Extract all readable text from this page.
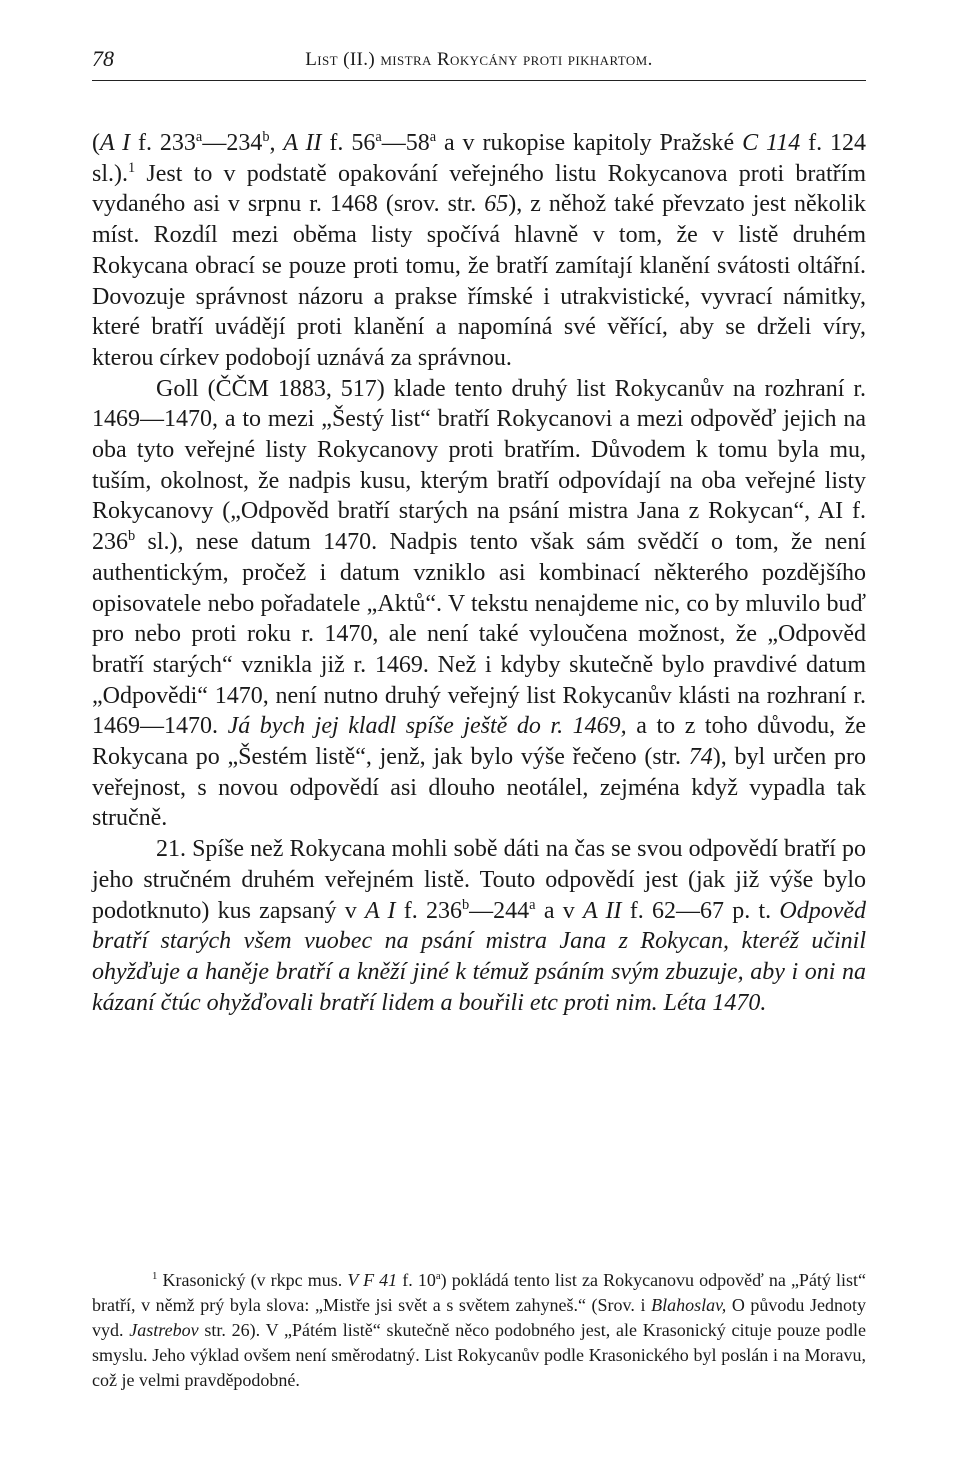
78	List (II.) mistra Rokycány proti pikhartom.

(A I f. 233$^a$—234$^b$, A II f. 56$^a$—58$^a$ a v rukopise kapitoly Pražské C 114 f. 124 sl.).$^1$ Jest to v podstatě opakování veřejného listu Rokycanova proti bratřím vydaného asi v srpnu r. 1468 (srov. str. 65), z něhož také převzato jest několik míst. Rozdíl mezi oběma listy spočívá hlavně v tom, že v listě druhém Rokycana obrací se pouze proti tomu, že bratří zamítají klanění svátosti oltářní. Dovozuje správnost názoru a prakse římské i utrakvistické, vyvrací námitky, které bratří uvádějí proti klanění a napomíná své věřící, aby se drželi víry, kterou církev podobojí uznává za správnou.

Goll (ČČM 1883, 517) klade tento druhý list Rokycanův na rozhraní r. 1469—1470, a to mezi „Šestý list“ bratří Rokycanovi a mezi odpověď jejich na oba tyto veřejné listy Rokycanovy proti bratřím. Důvodem k tomu byla mu, tuším, okolnost, že nadpis kusu, kterým bratří odpovídají na oba veřejné listy Rokycanovy („Odpověd bratří starých na psání mistra Jana z Rokycan“, AI f. 236$^b$ sl.), nese datum 1470. Nadpis tento však sám svědčí o tom, že není authentickým, pročež i datum vzniklo asi kombinací některého pozdějšího opisovatele nebo pořadatele „Aktů“. V tekstu nenajdeme nic, co by mluvilo buď pro nebo proti roku r. 1470, ale není také vyloučena možnost, že „Odpověd bratří starých“ vznikla již r. 1469. Než i kdyby skutečně bylo pravdivé datum „Odpovědi“ 1470, není nutno druhý veřejný list Rokycanův klásti na rozhraní r. 1469—1470. Já bych jej kladl spíše ještě do r. 1469, a to z toho důvodu, že Rokycana po „Šestém listě“, jenž, jak bylo výše řečeno (str. 74), byl určen pro veřejnost, s novou odpovědí asi dlouho neotálel, zejména když vypadla tak stručně.

21. Spíše než Rokycana mohli sobě dáti na čas se svou odpovědí bratří po jeho stručném druhém veřejném listě. Touto odpovědí jest (jak již výše bylo podotknuto) kus zapsaný v A I f. 236$^b$—244$^a$ a v A II f. 62—67 p. t. Odpověd bratří starých všem vuobec na psání mistra Jana z Rokycan, kteréž učinil ohyžďuje a haněje bratří a kněží jiné k témuž psáním svým zbuzuje, aby i oni na kázaní čtúc ohyžďovali bratří lidem a bouřili etc proti nim. Léta 1470.

$^1$ Krasonický (v rkpc mus. V F 41 f. 10$^a$) pokládá tento list za Rokycanovu odpověď na „Pátý list“ bratří, v němž prý byla slova: „Mistře jsi svět a s světem zahyneš.“ (Srov. i Blahoslav, O původu Jednoty vyd. Jastrebov str. 26). V „Pátém listě“ skutečně něco podobného jest, ale Krasonický cituje pouze podle smyslu. Jeho výklad ovšem není směrodatný. List Rokycanův podle Krasonického byl poslán i na Moravu, což je velmi pravděpodobné.
